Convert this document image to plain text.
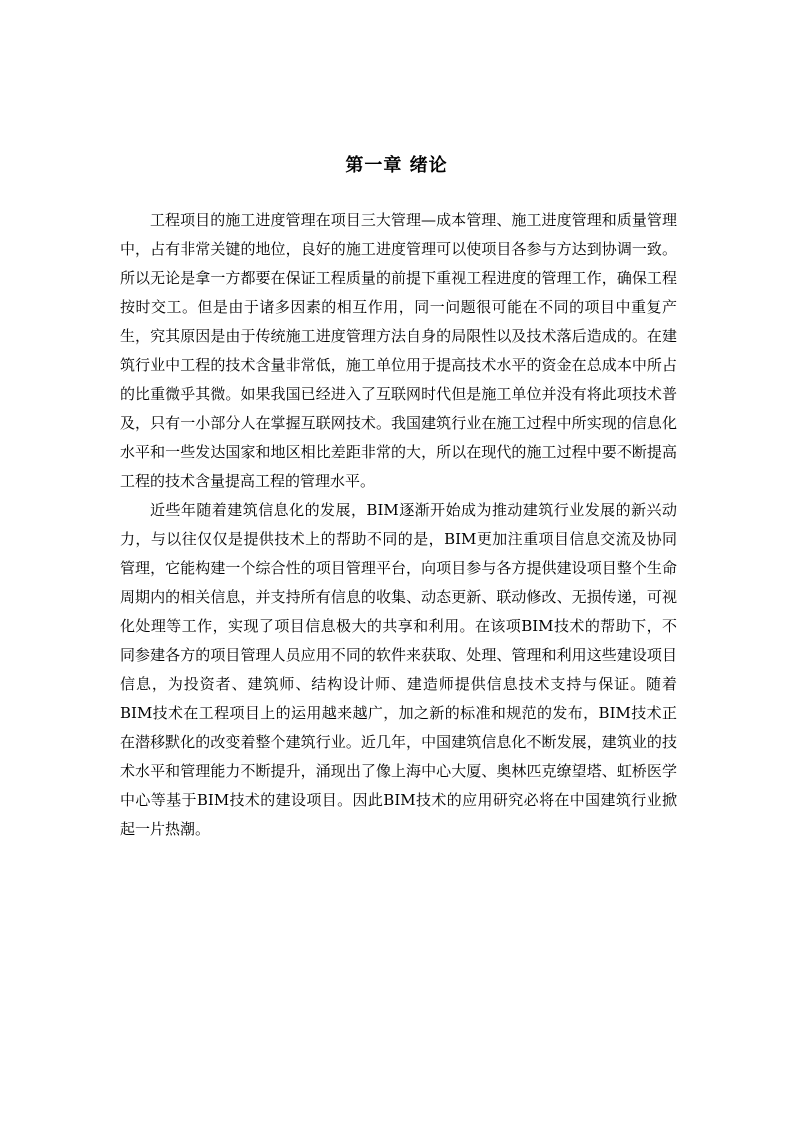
第一章 绪论

工程项目的施工进度管理在项目三大管理—成本管理、施工进度管理和质量管理中，占有非常关键的地位，良好的施工进度管理可以使项目各参与方达到协调一致。所以无论是拿一方都要在保证工程质量的前提下重视工程进度的管理工作，确保工程按时交工。但是由于诸多因素的相互作用，同一问题很可能在不同的项目中重复产生，究其原因是由于传统施工进度管理方法自身的局限性以及技术落后造成的。在建筑行业中工程的技术含量非常低，施工单位用于提高技术水平的资金在总成本中所占的比重微乎其微。如果我国已经进入了互联网时代但是施工单位并没有将此项技术普及，只有一小部分人在掌握互联网技术。我国建筑行业在施工过程中所实现的信息化水平和一些发达国家和地区相比差距非常的大，所以在现代的施工过程中要不断提高工程的技术含量提高工程的管理水平。

近些年随着建筑信息化的发展，BIM逐渐开始成为推动建筑行业发展的新兴动力，与以往仅仅是提供技术上的帮助不同的是，BIM更加注重项目信息交流及协同管理，它能构建一个综合性的项目管理平台，向项目参与各方提供建设项目整个生命周期内的相关信息，并支持所有信息的收集、动态更新、联动修改、无损传递，可视化处理等工作，实现了项目信息极大的共享和利用。在该项BIM技术的帮助下，不同参建各方的项目管理人员应用不同的软件来获取、处理、管理和利用这些建设项目信息，为投资者、建筑师、结构设计师、建造师提供信息技术支持与保证。随着BIM技术在工程项目上的运用越来越广，加之新的标准和规范的发布，BIM技术正在潜移默化的改变着整个建筑行业。近几年，中国建筑信息化不断发展，建筑业的技术水平和管理能力不断提升，涌现出了像上海中心大厦、奥林匹克缭望塔、虹桥医学中心等基于BIM技术的建设项目。因此BIM技术的应用研究必将在中国建筑行业掀起一片热潮。
